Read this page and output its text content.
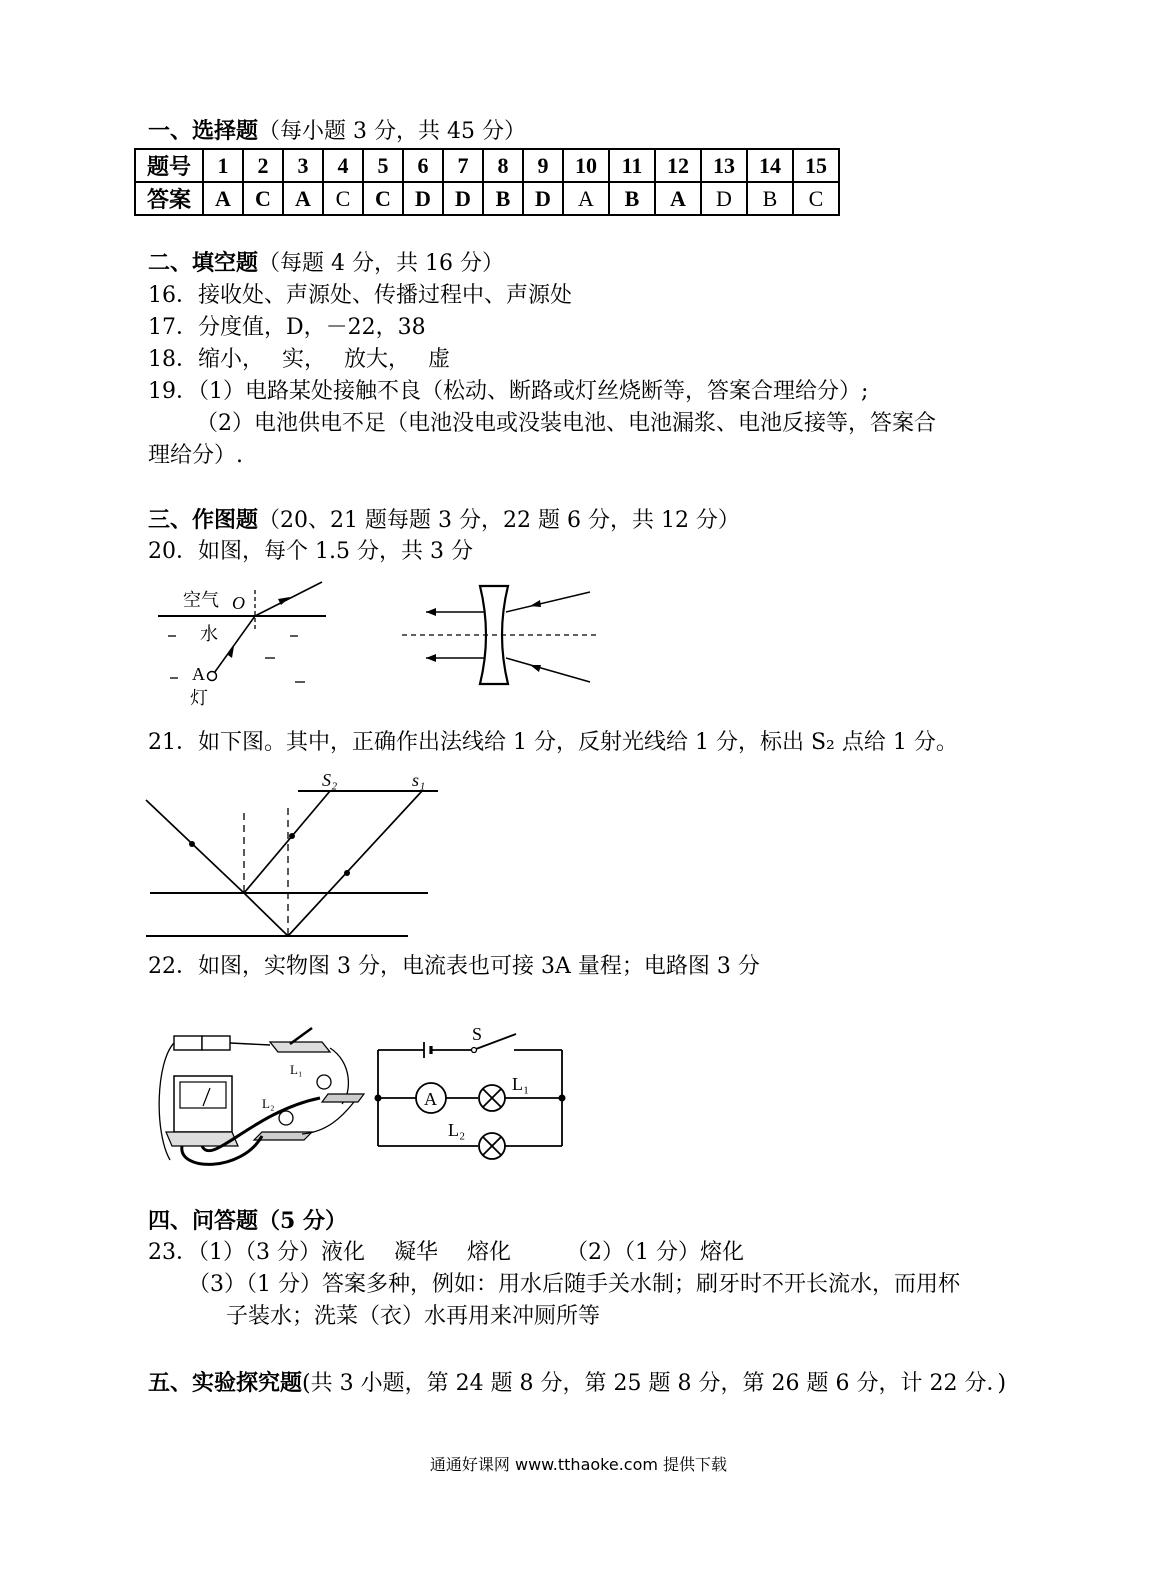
一、选择题（每小题 3 分，共 45 分）
题号	1	2	3	4	5	6	7	8	9	10	11	12	13	14	15
答案	A	C	A	C	C	D	D	B	D	A	B	A	D	B	C
二、填空题（每题 4 分，共 16 分）
16．接收处、声源处、传播过程中、声源处
17．分度值，D，－22，38
18．缩小，　 实，　 放大，　 虚
19．（1）电路某处接触不良（松动、断路或灯丝烧断等，答案合理给分）;
（2）电池供电不足（电池没电或没装电池、电池漏浆、电池反接等，答案合
理给分）.
三、作图题（20、21 题每题 3 分，22 题 6 分，共 12 分）
20．如图，每个 1.5 分，共 3 分
空气 O
水
A
灯
21．如下图。其中，正确作出法线给 1 分，反射光线给 1 分，标出 S₂ 点给 1 分。
S₂	s₁
22．如图，实物图 3 分，电流表也可接 3A 量程；电路图 3 分
L₁
L₂
S
A
L₁
L₂
四、问答题（5 分）
23．（1）（3 分）液化　 凝华　 熔化　　　（2）（1 分）熔化
（3）（1 分）答案多种，例如：用水后随手关水制；刷牙时不开长流水，而用杯
子装水；洗菜（衣）水再用来冲厕所等
五、实验探究题(共 3 小题，第 24 题 8 分，第 25 题 8 分，第 26 题 6 分，计 22 分．)
通通好课网 www.tthaoke.com 提供下载
